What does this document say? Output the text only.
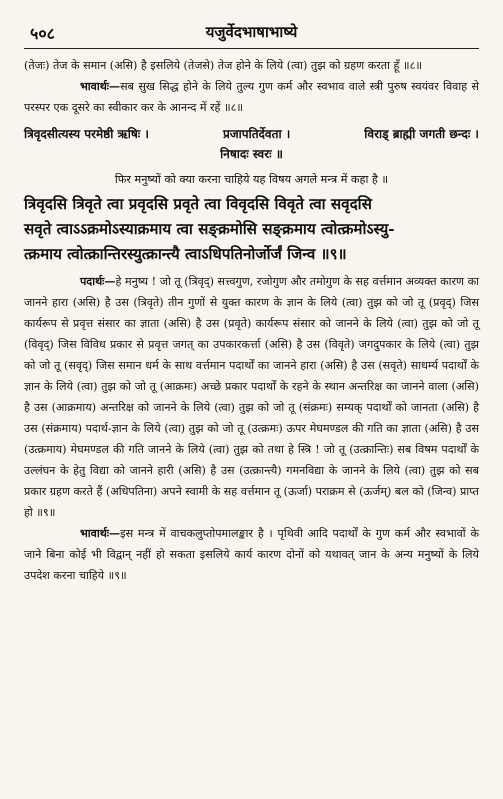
५०८	यजुर्वेदभाषाभाष्ये

(तेजः) तेज के समान (असि) है इसलिये (तेजसे) तेज होने के लिये (त्वा) तुझ को ग्रहण करता हूँ ॥८॥

भावार्थः—सब सुख सिद्ध होने के लिये तुल्य गुण कर्म और स्वभाव वाले स्त्री पुरुष स्वयंवर विवाह से परस्पर एक दूसरे का स्वीकार कर के आनन्द में रहें ॥८॥

त्रिवृदसीत्यस्य परमेष्ठी ऋषिः ।	प्रजापतिर्देवता ।	विराड् ब्राह्मी जगती छन्दः ।
निषादः स्वरः ॥

फिर मनुष्यों को क्या करना चाहिये यह विषय अगले मन्त्र में कहा है ॥

त्रिवृदसि त्रिवृते त्वा प्रवृदसि प्रवृते त्वा विवृदसि विवृते त्वा सवृदसि
सवृते त्वाऽऽक्रमोऽस्याक्रमाय त्वा सङ्क्रमोसि सङ्क्रमाय त्वोत्क्रमोऽस्यु-
त्क्रमाय त्वोत्क्रान्तिरस्युत्क्रान्त्यै त्वाऽधिपतिनोर्जोर्जं जिन्व ॥९॥

पदार्थः—हे मनुष्य ! जो तू (त्रिवृद्) सत्त्वगुण, रजोगुण और तमोगुण के सह वर्त्तमान अव्यक्त कारण का जानने हारा (असि) है उस (त्रिवृते) तीन गुणों से युक्त कारण के ज्ञान के लिये (त्वा) तुझ को जो तू (प्रवृद्) जिस कार्यरूप से प्रवृत्त संसार का ज्ञाता (असि) है उस (प्रवृते) कार्यरूप संसार को जानने के लिये (त्वा) तुझ को जो तू (विवृद्) जिस विविध प्रकार से प्रवृत्त जगत् का उपकारकर्त्ता (असि) है उस (विवृते) जगदुपकार के लिये (त्वा) तुझ को जो तू (सवृद्) जिस समान धर्म के साथ वर्त्तमान पदार्थों का जानने हारा (असि) है उस (सवृते) साधर्म्य पदार्थों के ज्ञान के लिये (त्वा) तुझ को जो तू (आक्रमः) अच्छे प्रकार पदार्थों के रहने के स्थान अन्तरिक्ष का जानने वाला (असि) है उस (आक्रमाय) अन्तरिक्ष को जानने के लिये (त्वा) तुझ को जो तू (संक्रमः) सम्यक् पदार्थों को जानता (असि) है उस (संक्रमाय) पदार्थ-ज्ञान के लिये (त्वा) तुझ को जो तू (उत्क्रमः) ऊपर मेघमण्डल की गति का ज्ञाता (असि) है उस (उत्क्रमाय) मेघमण्डल की गति जानने के लिये (त्वा) तुझ को तथा हे स्त्रि ! जो तू (उत्क्रान्तिः) सब विषम पदार्थों के उल्लंघन के हेतु विद्या को जानने हारी (असि) है उस (उत्क्रान्त्यै) गमनविद्या के जानने के लिये (त्वा) तुझ को सब प्रकार ग्रहण करते हैं (अधिपतिना) अपने स्वामी के सह वर्त्तमान तू (ऊर्जा) पराक्रम से (ऊर्जम्) बल को (जिन्व) प्राप्त हो ॥९॥

भावार्थः—इस मन्त्र में वाचकलुप्तोपमालङ्कार है । पृथिवी आदि पदार्थों के गुण कर्म और स्वभावों के जाने बिना कोई भी विद्वान् नहीं हो सकता इसलिये कार्य कारण दोनों को यथावत् जान के अन्य मनुष्यों के लिये उपदेश करना चाहिये ॥९॥
